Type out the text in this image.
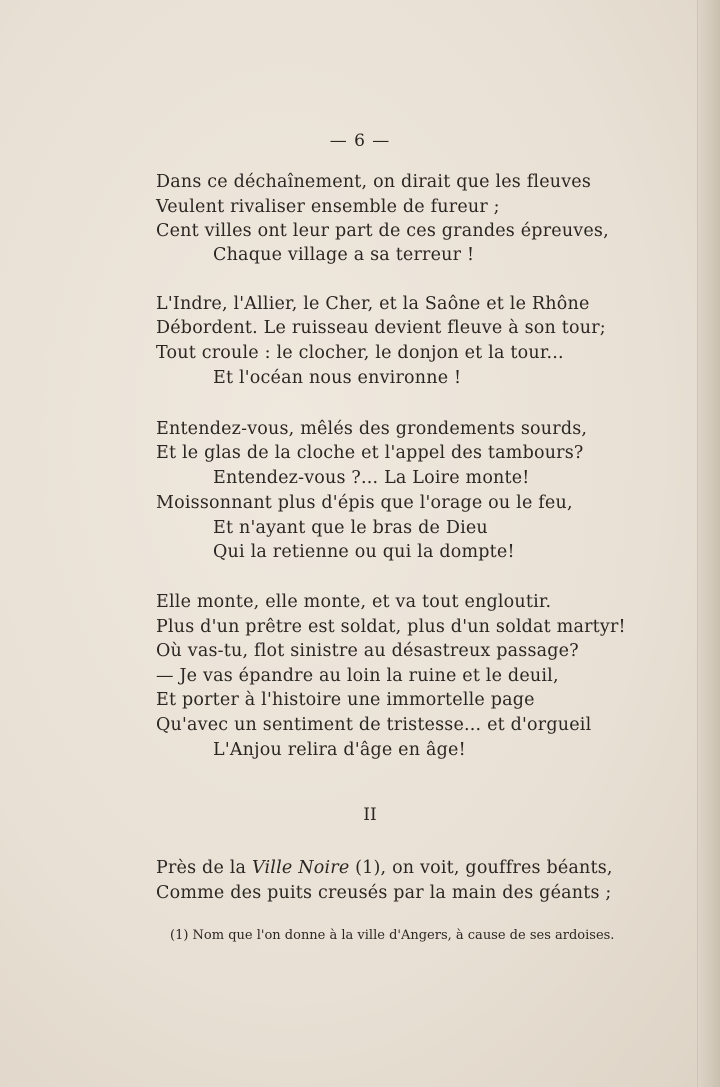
— 6 —
Dans ce déchaînement, on dirait que les fleuves
Veulent rivaliser ensemble de fureur ;
Cent villes ont leur part de ces grandes épreuves,
Chaque village a sa terreur !
L'Indre, l'Allier, le Cher, et la Saône et le Rhône
Débordent. Le ruisseau devient fleuve à son tour;
Tout croule : le clocher, le donjon et la tour...
Et l'océan nous environne !
Entendez-vous, mêlés des grondements sourds,
Et le glas de la cloche et l'appel des tambours?
Entendez-vous ?... La Loire monte!
Moissonnant plus d'épis que l'orage ou le feu,
Et n'ayant que le bras de Dieu
Qui la retienne ou qui la dompte!
Elle monte, elle monte, et va tout engloutir.
Plus d'un prêtre est soldat, plus d'un soldat martyr!
Où vas-tu, flot sinistre au désastreux passage?
— Je vas épandre au loin la ruine et le deuil,
Et porter à l'histoire une immortelle page
Qu'avec un sentiment de tristesse... et d'orgueil
L'Anjou relira d'âge en âge!
II
Près de la Ville Noire (1), on voit, gouffres béants,
Comme des puits creusés par la main des géants ;
(1) Nom que l'on donne à la ville d'Angers, à cause de ses ardoises.
